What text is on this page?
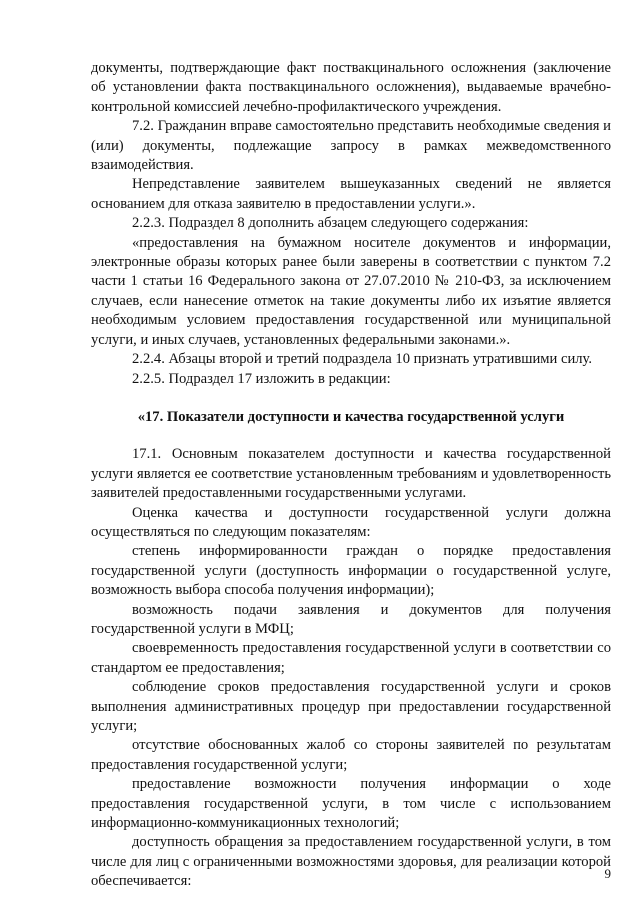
документы, подтверждающие факт поствакцинального осложнения (заключение об установлении факта поствакцинального осложнения), выдаваемые врачебно-контрольной комиссией лечебно-профилактического учреждения.

7.2. Гражданин вправе самостоятельно представить необходимые сведения и (или) документы, подлежащие запросу в рамках межведомственного взаимодействия.

Непредставление заявителем вышеуказанных сведений не является основанием для отказа заявителю в предоставлении услуги.».

2.2.3. Подраздел 8 дополнить абзацем следующего содержания:

«предоставления на бумажном носителе документов и информации, электронные образы которых ранее были заверены в соответствии с пунктом 7.2 части 1 статьи 16 Федерального закона от 27.07.2010 № 210-ФЗ, за исключением случаев, если нанесение отметок на такие документы либо их изъятие является необходимым условием предоставления государственной или муниципальной услуги, и иных случаев, установленных федеральными законами.».

2.2.4. Абзацы второй и третий подраздела 10 признать утратившими силу.

2.2.5. Подраздел 17 изложить в редакции:

«17. Показатели доступности и качества государственной услуги

17.1. Основным показателем доступности и качества государственной услуги является ее соответствие установленным требованиям и удовлетворенность заявителей предоставленными государственными услугами.

Оценка качества и доступности государственной услуги должна осуществляться по следующим показателям:

степень информированности граждан о порядке предоставления государственной услуги (доступность информации о государственной услуге, возможность выбора способа получения информации);

возможность подачи заявления и документов для получения государственной услуги в МФЦ;

своевременность предоставления государственной услуги в соответствии со стандартом ее предоставления;

соблюдение сроков предоставления государственной услуги и сроков выполнения административных процедур при предоставлении государственной услуги;

отсутствие обоснованных жалоб со стороны заявителей по результатам предоставления государственной услуги;

предоставление возможности получения информации о ходе предоставления государственной услуги, в том числе с использованием информационно-коммуникационных технологий;

доступность обращения за предоставлением государственной услуги, в том числе для лиц с ограниченными возможностями здоровья, для реализации которой обеспечивается:	9
